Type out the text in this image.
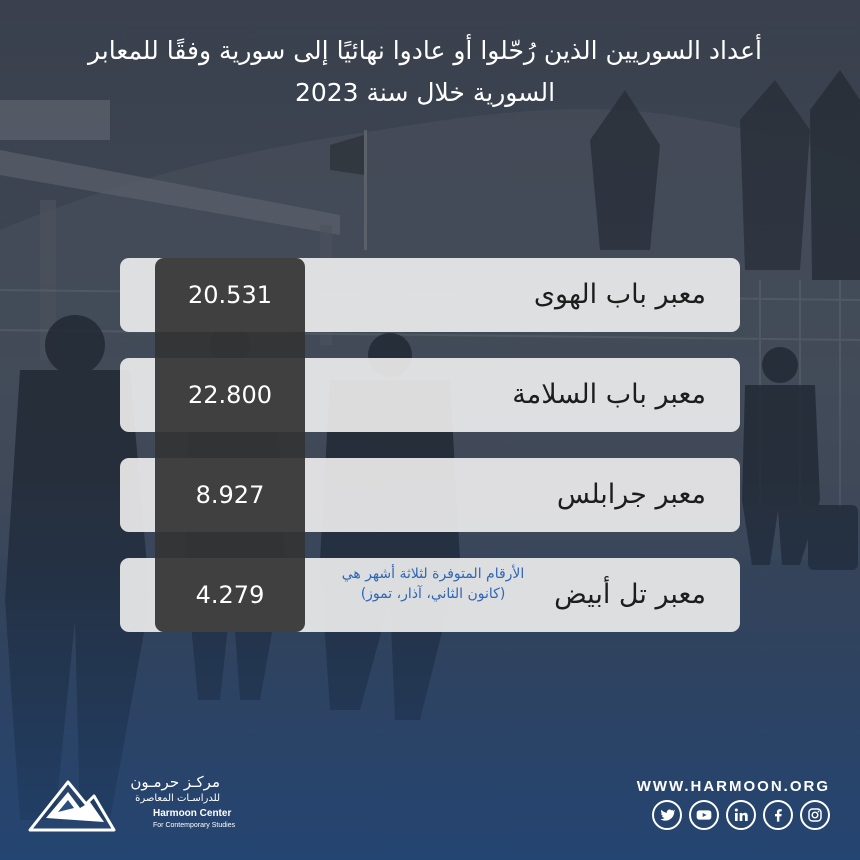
أعداد السوريين الذين رُحّلوا أو عادوا نهائيًا إلى سورية وفقًا للمعابر
السورية خلال سنة 2023
معبر باب الهوى
معبر باب السلامة
معبر جرابلس
معبر تل أبيض
الأرقام المتوفرة لثلاثة أشهر هي (كانون الثاني، آذار، تموز)
20.531
22.800
8.927
4.279
مركـز حرمـون
للدراسـات المعاصرة
Harmoon Center
For Contemporary Studies
WWW.HARMOON.ORG
